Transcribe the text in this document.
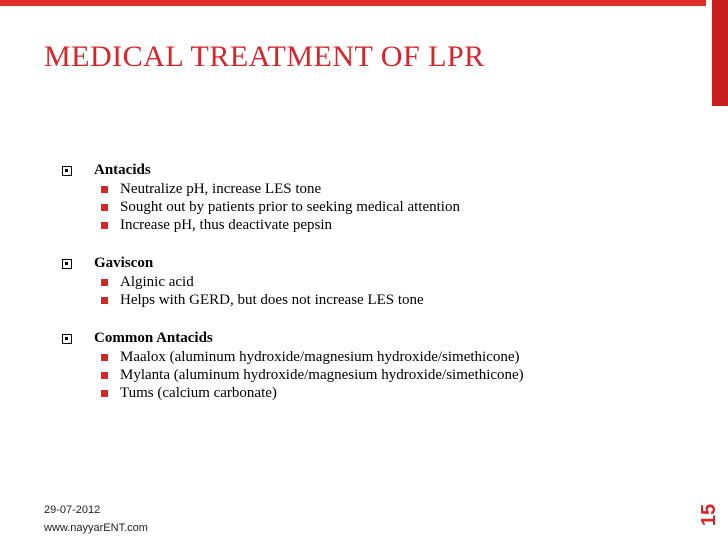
MEDICAL TREATMENT OF LPR
Antacids
Neutralize pH, increase LES tone
Sought out by patients prior to seeking medical attention
Increase pH, thus deactivate pepsin
Gaviscon
Alginic acid
Helps with GERD, but does not increase LES tone
Common Antacids
Maalox (aluminum hydroxide/magnesium hydroxide/simethicone)
Mylanta (aluminum hydroxide/magnesium hydroxide/simethicone)
Tums (calcium carbonate)
29-07-2012
www.nayyarENT.com
15
